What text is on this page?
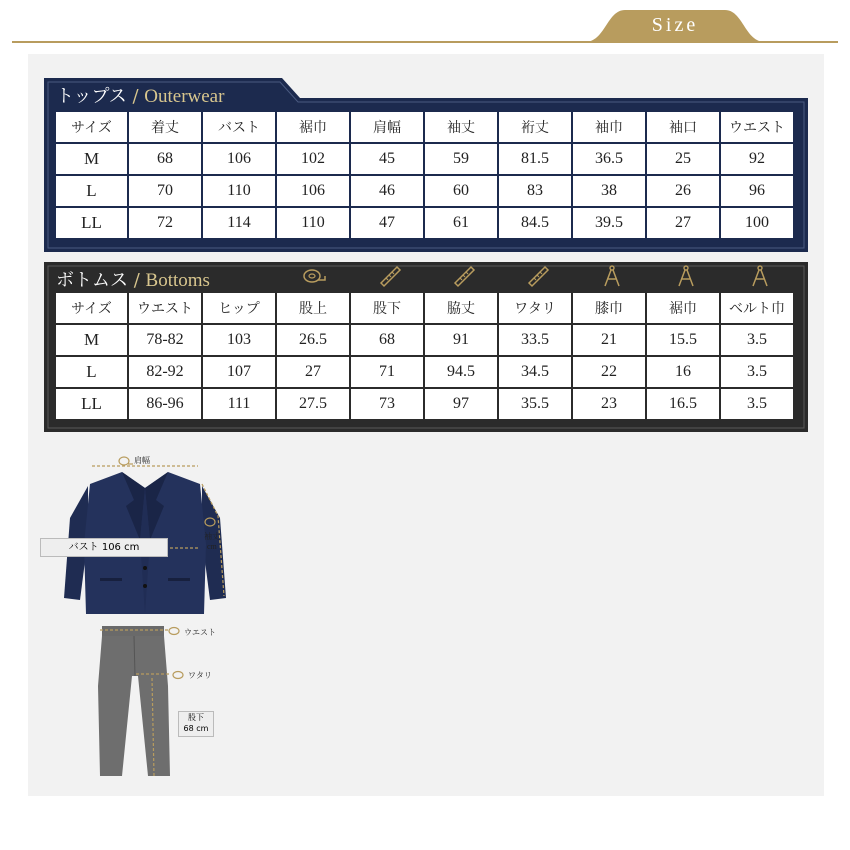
Size
トップス / Outerwear
サイズ	着丈	バスト	裾巾	肩幅	袖丈	裄丈	袖巾	袖口	ウエスト
M	68	106	102	45	59	81.5	36.5	25	92
L	70	110	106	46	60	83	38	26	96
LL	72	114	110	47	61	84.5	39.5	27	100
ボトムス / Bottoms
サイズ	ウエスト	ヒップ	股上	股下	脇丈	ワタリ	膝巾	裾巾	ベルト巾
M	78-82	103	26.5	68	91	33.5	21	15.5	3.5
L	82-92	107	27	71	94.5	34.5	22	16	3.5
LL	86-96	111	27.5	73	97	35.5	23	16.5	3.5
肩幅
袖丈
cm
バスト 106 cm
ウエスト
ワタリ
股下
68 cm
